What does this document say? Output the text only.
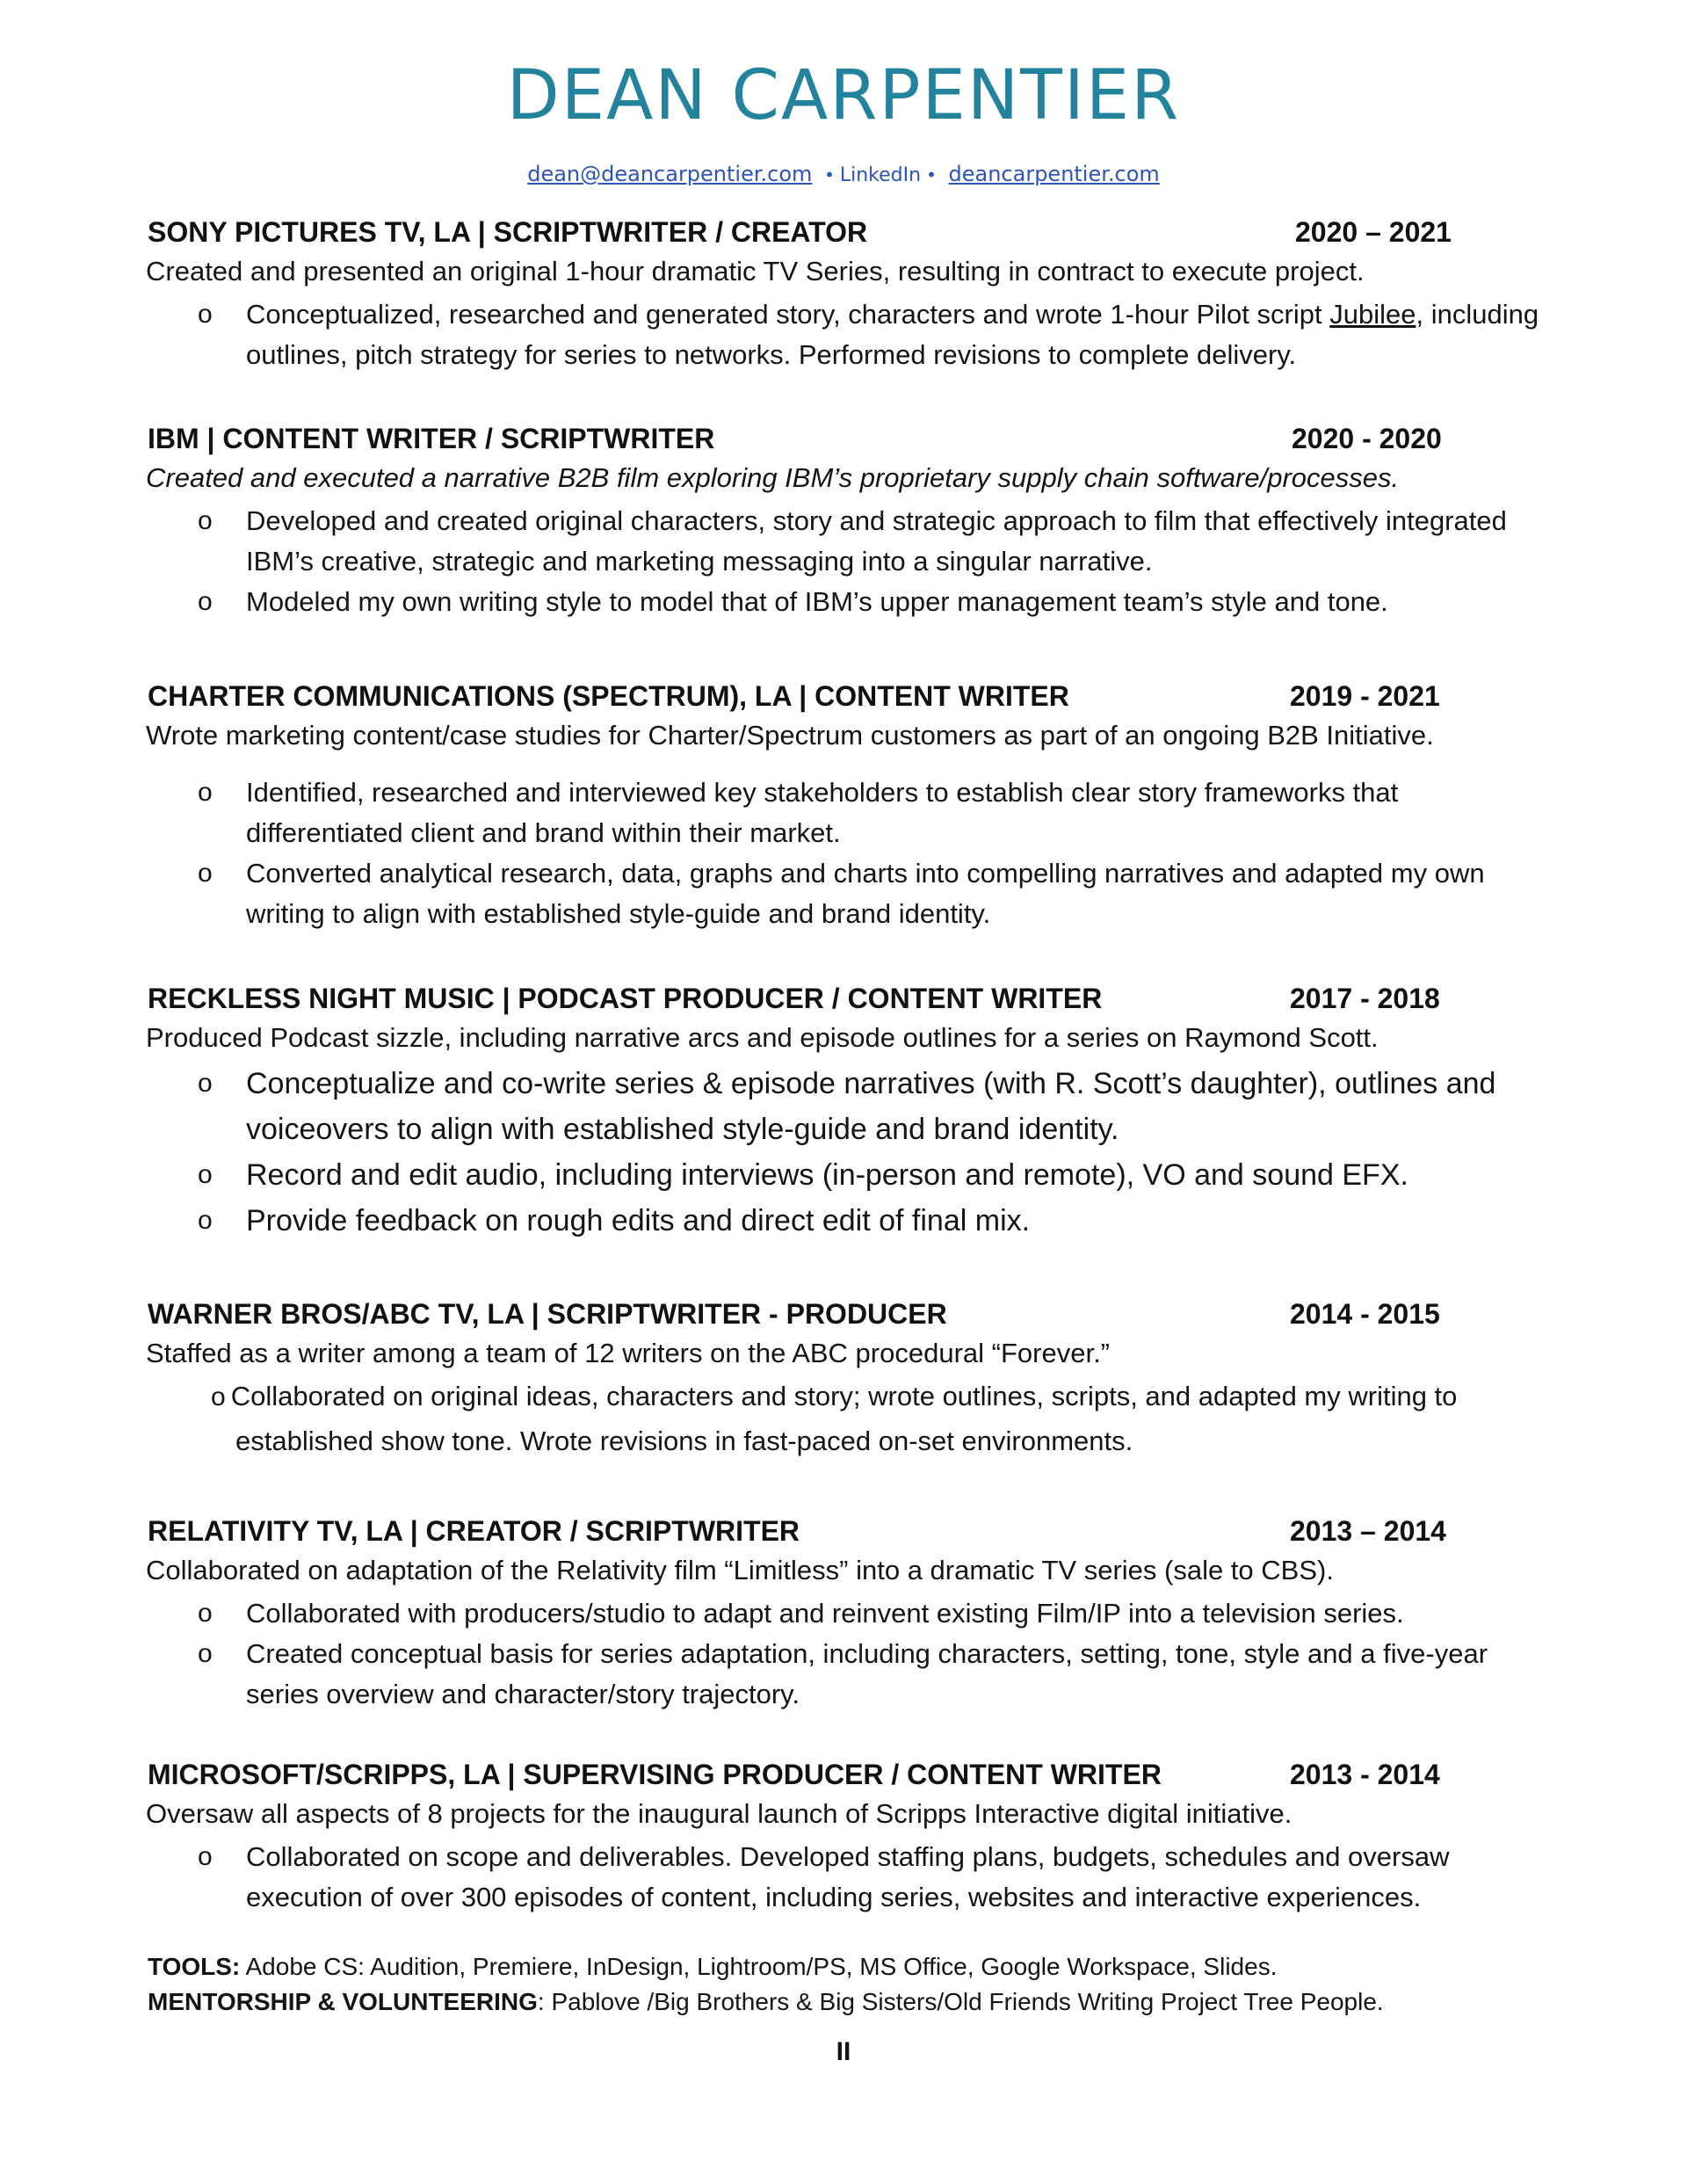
DEAN CARPENTIER
dean@deancarpentier.com • LinkedIn • deancarpentier.com
SONY PICTURES TV, LA | SCRIPTWRITER / CREATOR	2020 – 2021
Created and presented an original 1-hour dramatic TV Series, resulting in contract to execute project.
o Conceptualized, researched and generated story, characters and wrote 1-hour Pilot script Jubilee, including outlines, pitch strategy for series to networks. Performed revisions to complete delivery.
IBM | CONTENT WRITER / SCRIPTWRITER	2020 - 2020
Created and executed a narrative B2B film exploring IBM’s proprietary supply chain software/processes.
o Developed and created original characters, story and strategic approach to film that effectively integrated IBM’s creative, strategic and marketing messaging into a singular narrative.
o Modeled my own writing style to model that of IBM’s upper management team’s style and tone.
CHARTER COMMUNICATIONS (SPECTRUM), LA | CONTENT WRITER	2019 - 2021
Wrote marketing content/case studies for Charter/Spectrum customers as part of an ongoing B2B Initiative.
o Identified, researched and interviewed key stakeholders to establish clear story frameworks that differentiated client and brand within their market.
o Converted analytical research, data, graphs and charts into compelling narratives and adapted my own writing to align with established style-guide and brand identity.
RECKLESS NIGHT MUSIC | PODCAST PRODUCER / CONTENT WRITER	2017 - 2018
Produced Podcast sizzle, including narrative arcs and episode outlines for a series on Raymond Scott.
o Conceptualize and co-write series & episode narratives (with R. Scott’s daughter), outlines and voiceovers to align with established style-guide and brand identity.
o Record and edit audio, including interviews (in-person and remote), VO and sound EFX.
o Provide feedback on rough edits and direct edit of final mix.
WARNER BROS/ABC TV, LA | SCRIPTWRITER - PRODUCER	2014 - 2015
Staffed as a writer among a team of 12 writers on the ABC procedural “Forever.”
o Collaborated on original ideas, characters and story; wrote outlines, scripts, and adapted my writing to established show tone. Wrote revisions in fast-paced on-set environments.
RELATIVITY TV, LA | CREATOR / SCRIPTWRITER	2013 – 2014
Collaborated on adaptation of the Relativity film “Limitless” into a dramatic TV series (sale to CBS).
o Collaborated with producers/studio to adapt and reinvent existing Film/IP into a television series.
o Created conceptual basis for series adaptation, including characters, setting, tone, style and a five-year series overview and character/story trajectory.
MICROSOFT/SCRIPPS, LA | SUPERVISING PRODUCER / CONTENT WRITER	2013 - 2014
Oversaw all aspects of 8 projects for the inaugural launch of Scripps Interactive digital initiative.
o Collaborated on scope and deliverables. Developed staffing plans, budgets, schedules and oversaw execution of over 300 episodes of content, including series, websites and interactive experiences.
TOOLS: Adobe CS: Audition, Premiere, InDesign, Lightroom/PS, MS Office, Google Workspace, Slides.
MENTORSHIP & VOLUNTEERING: Pablove /Big Brothers & Big Sisters/Old Friends Writing Project Tree People.
II
